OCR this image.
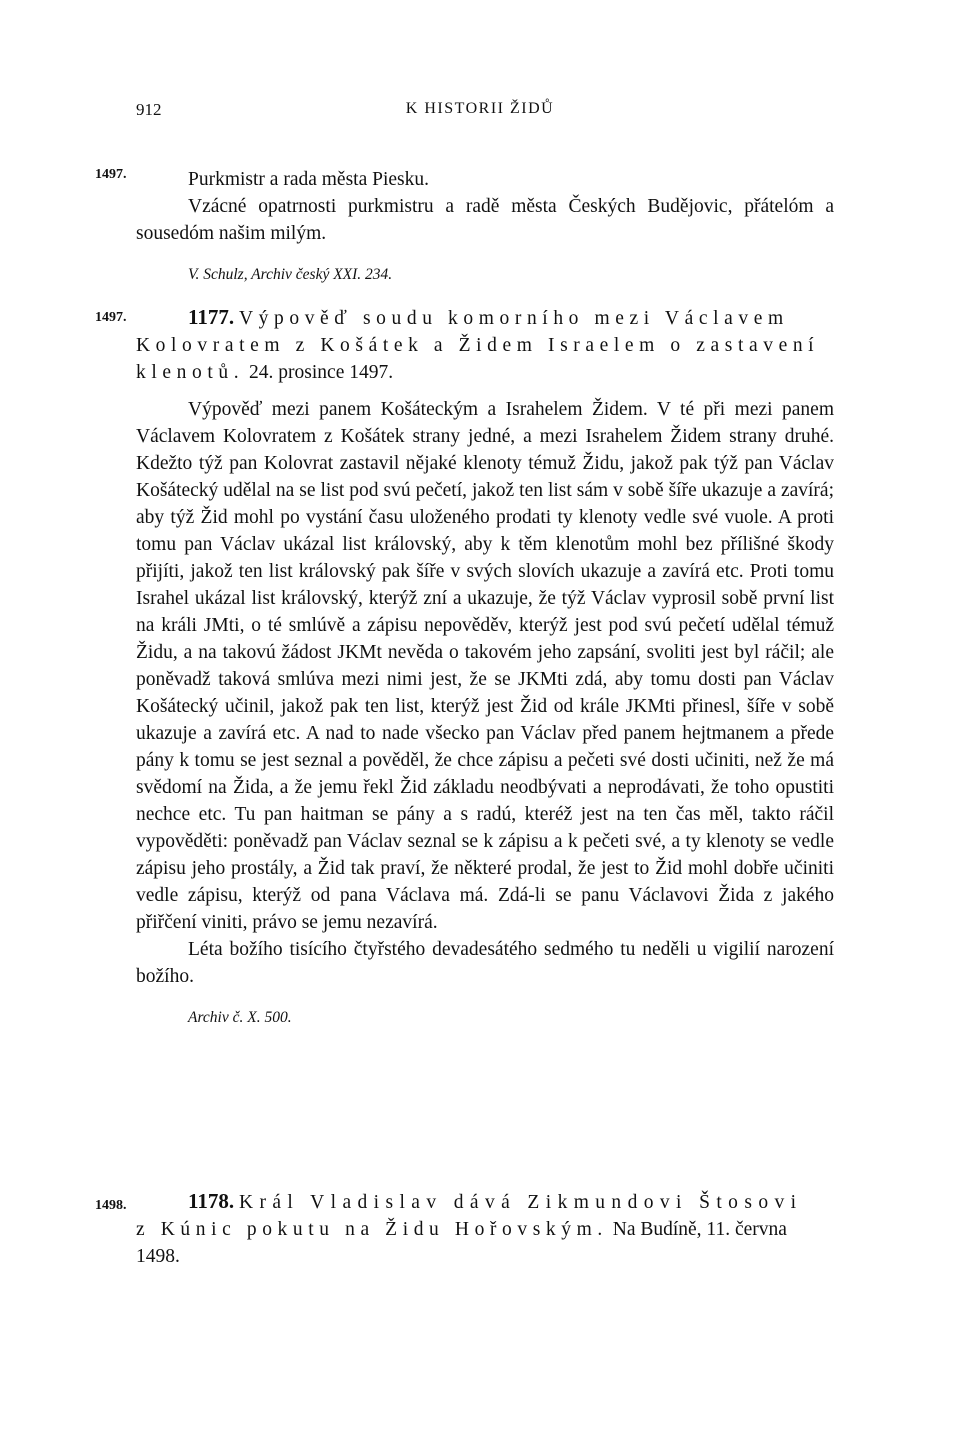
912	K HISTORII ŽIDŮ
1497.	Purkmistr a rada města Piesku.

Vzácné opatrnosti purkmistru a radě města Českých Budějovic, přátelóm a sousedóm našim milým.

V. Schulz, Archiv český XXI. 234.

1497.	1177. Výpověď soudu komorního mezi Václavem

Kolovratem z Košátek a Židem Israelem o zastavení

klenotů. 24. prosince 1497.

Výpověď mezi panem Košáteckým a Israhelem Židem. V té při mezi panem Václavem Kolovratem z Košátek strany jedné, a mezi Israhelem Židem strany druhé. Kdežto týž pan Kolovrat zastavil nějaké klenoty témuž Židu, jakož pak týž pan Václav Košátecký udělal na se list pod svú pečetí, jakož ten list sám v sobě šíře ukazuje a zavírá; aby týž Žid mohl po vystání času uloženého prodati ty klenoty vedle své vuole. A proti tomu pan Václav ukázal list královský, aby k těm klenotům mohl bez přílišné škody přijíti, jakož ten list královský pak šíře v svých slovích ukazuje a zavírá etc. Proti tomu Israhel ukázal list královský, kterýž zní a ukazuje, že týž Václav vyprosil sobě první list na králi JMti, o té smlúvě a zápisu nepověděv, kterýž jest pod svú pečetí udělal témuž Židu, a na takovú žádost JKMt nevěda o takovém jeho zapsání, svoliti jest byl ráčil; ale poněvadž taková smlúva mezi nimi jest, že se JKMti zdá, aby tomu dosti pan Václav Košátecký učinil, jakož pak ten list, kterýž jest Žid od krále JKMti přinesl, šíře v sobě ukazuje a zavírá etc. A nad to nade všecko pan Václav před panem hejtmanem a přede pány k tomu se jest seznal a pověděl, že chce zápisu a pečeti své dosti učiniti, než že má svědomí na Žida, a že jemu řekl Žid základu neodbývati a neprodávati, že toho opustiti nechce etc. Tu pan haitman se pány a s radú, kteréž jest na ten čas měl, takto ráčil vypověděti: poněvadž pan Václav seznal se k zápisu a k pečeti své, a ty klenoty se vedle zápisu jeho prostály, a Žid tak praví, že některé prodal, že jest to Žid mohl dobře učiniti vedle zápisu, kterýž od pana Václava má. Zdá-li se panu Václavovi Žida z jakého přiřčení viniti, právo se jemu nezavírá.

Léta božího tisícího čtyřstého devadesátého sedmého tu neděli u vigilií narození božího.

Archiv č. X. 500.

1498.	1178. Král Vladislav dává Zikmundovi Štosovi

z Kúnic pokutu na Židu Hořovským. Na Budíně, 11. června

1498.
